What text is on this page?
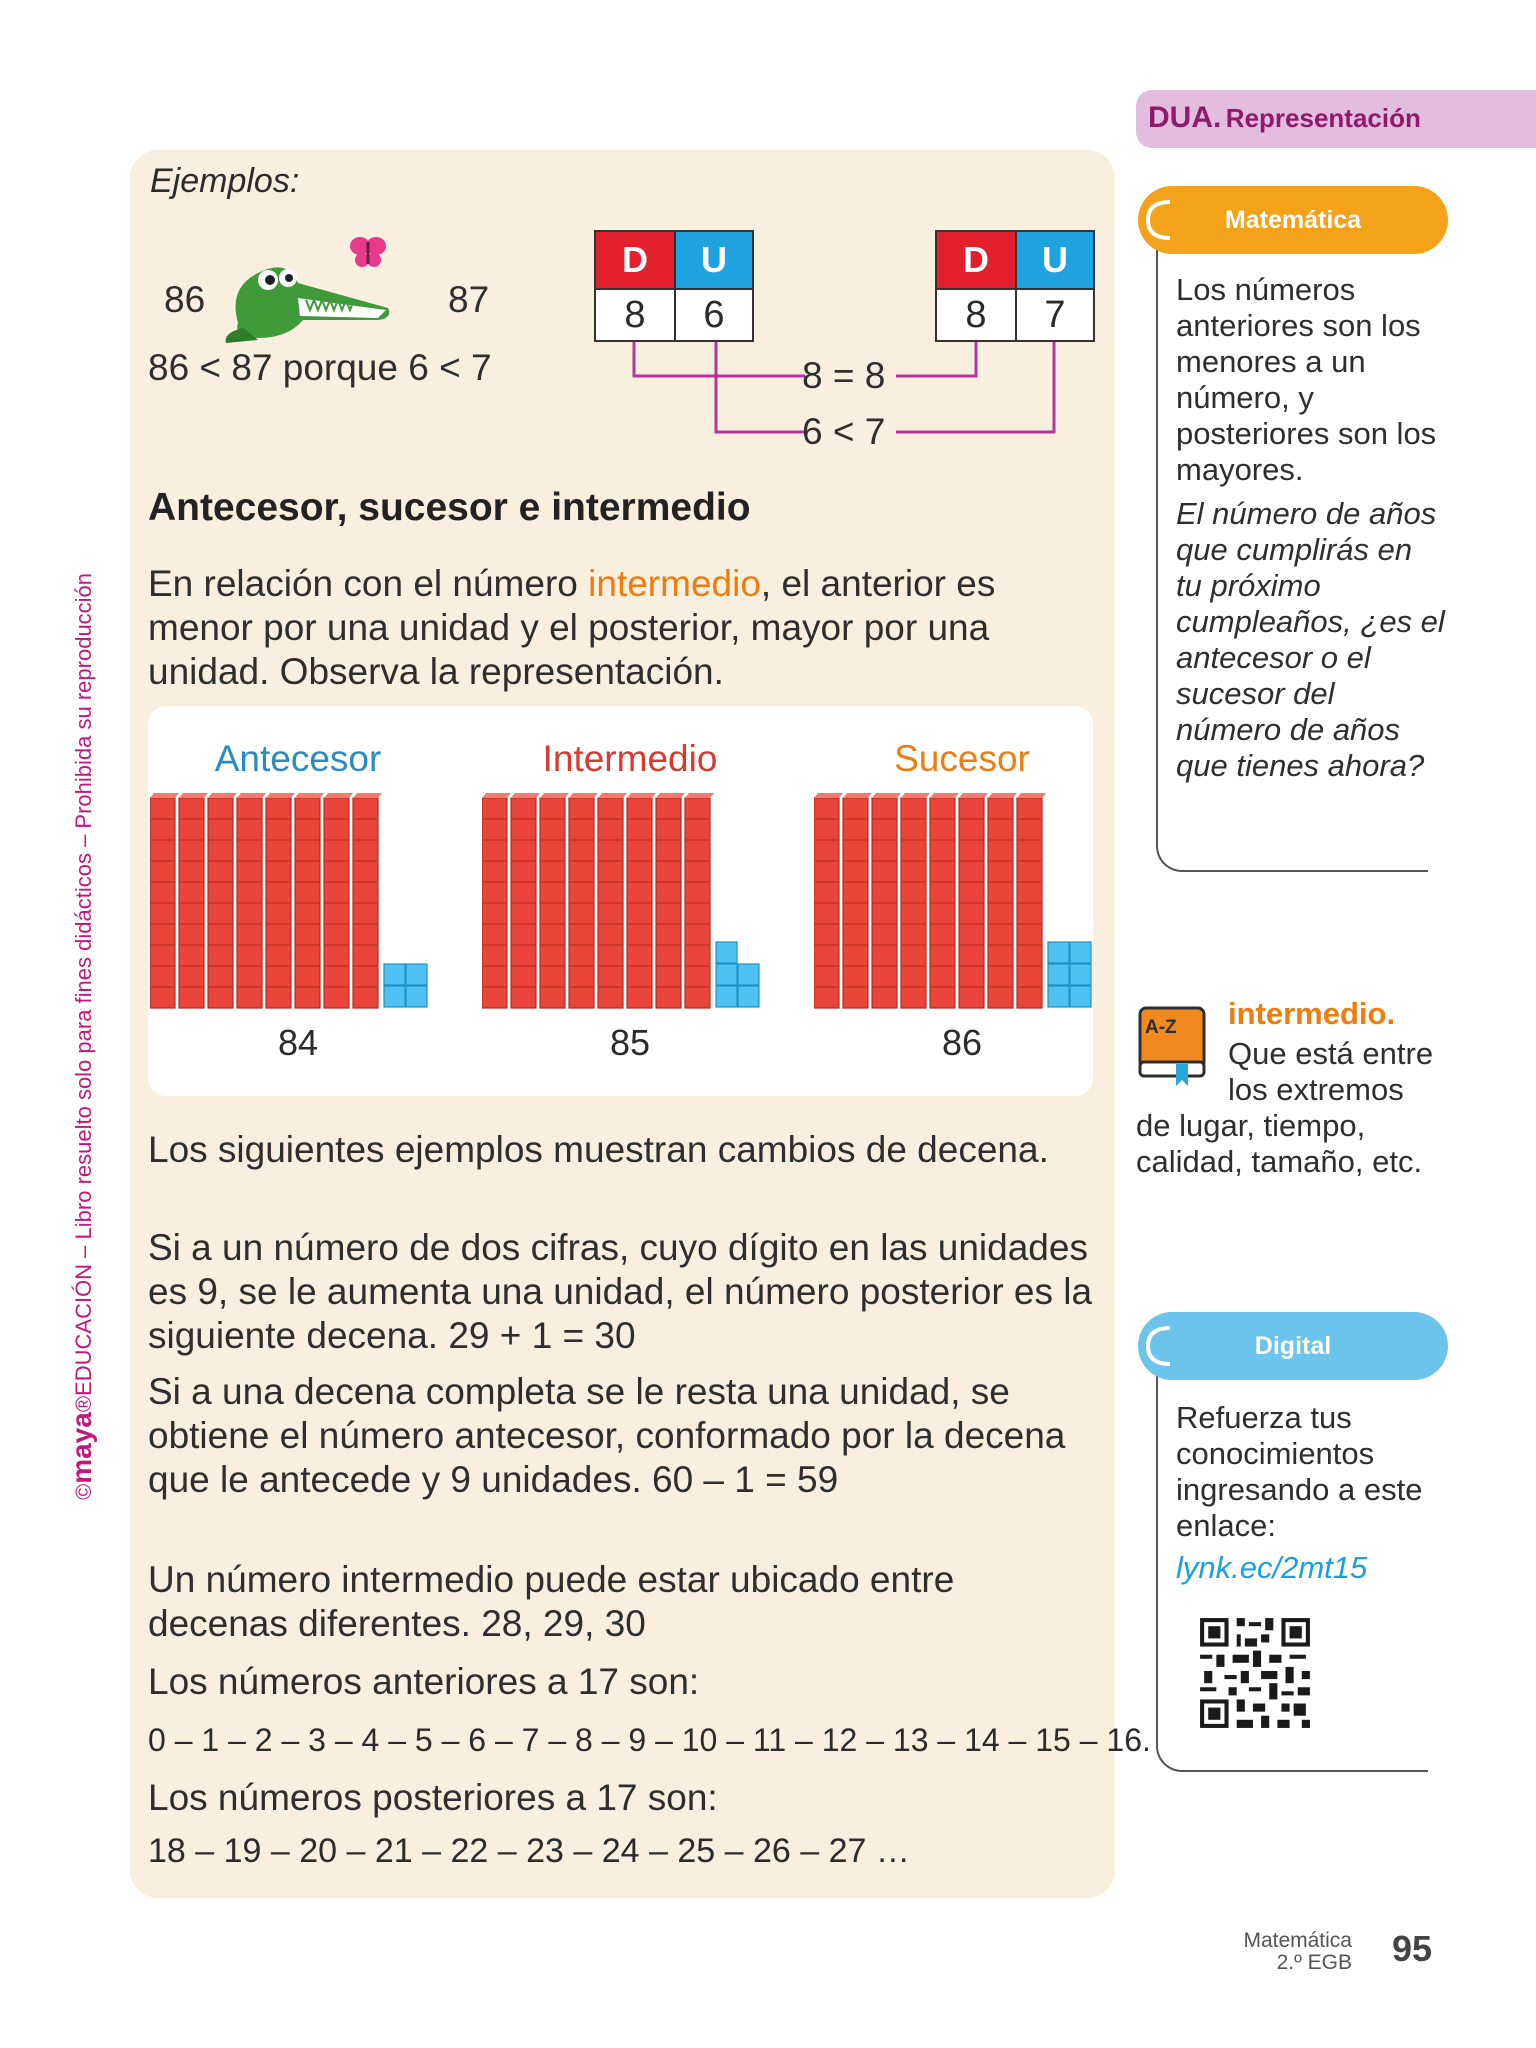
©maya®EDUCACIÓN – Libro resuelto solo para fines didácticos – Prohibida su reproducción
Ejemplos:
86	87
86 < 87 porque 6 < 7
D	U
8	6
D	U
8	7
8 = 8
6 < 7
Antecesor, sucesor e intermedio
En relación con el número intermedio, el anterior es menor por una unidad y el posterior, mayor por una unidad. Observa la representación.
Antecesor
84
Intermedio
85
Sucesor
86
Los siguientes ejemplos muestran cambios de decena.
Si a un número de dos cifras, cuyo dígito en las unidades es 9, se le aumenta una unidad, el número posterior es la siguiente decena. 29 + 1 = 30
Si a una decena completa se le resta una unidad, se obtiene el número antecesor, conformado por la decena que le antecede y 9 unidades. 60 – 1 = 59
Un número intermedio puede estar ubicado entre decenas diferentes. 28, 29, 30
Los números anteriores a 17 son:
0 – 1 – 2 – 3 – 4 – 5 – 6 – 7 – 8 – 9 – 10 – 11 – 12 – 13 – 14 – 15 – 16.
Los números posteriores a 17 son:
18 – 19 – 20 – 21 – 22 – 23 – 24 – 25 – 26 – 27 …
DUA. Representación
Matemática
Los números anteriores son los menores a un número, y posteriores son los mayores.
El número de años que cumplirás en tu próximo cumpleaños, ¿es el antecesor o el sucesor del número de años que tienes ahora?
A-Z intermedio.
Que está entre los extremos
de lugar, tiempo, calidad, tamaño, etc.
Digital
Refuerza tus conocimientos ingresando a este enlace:
lynk.ec/2mt15
Matemática
2.º EGB 95
